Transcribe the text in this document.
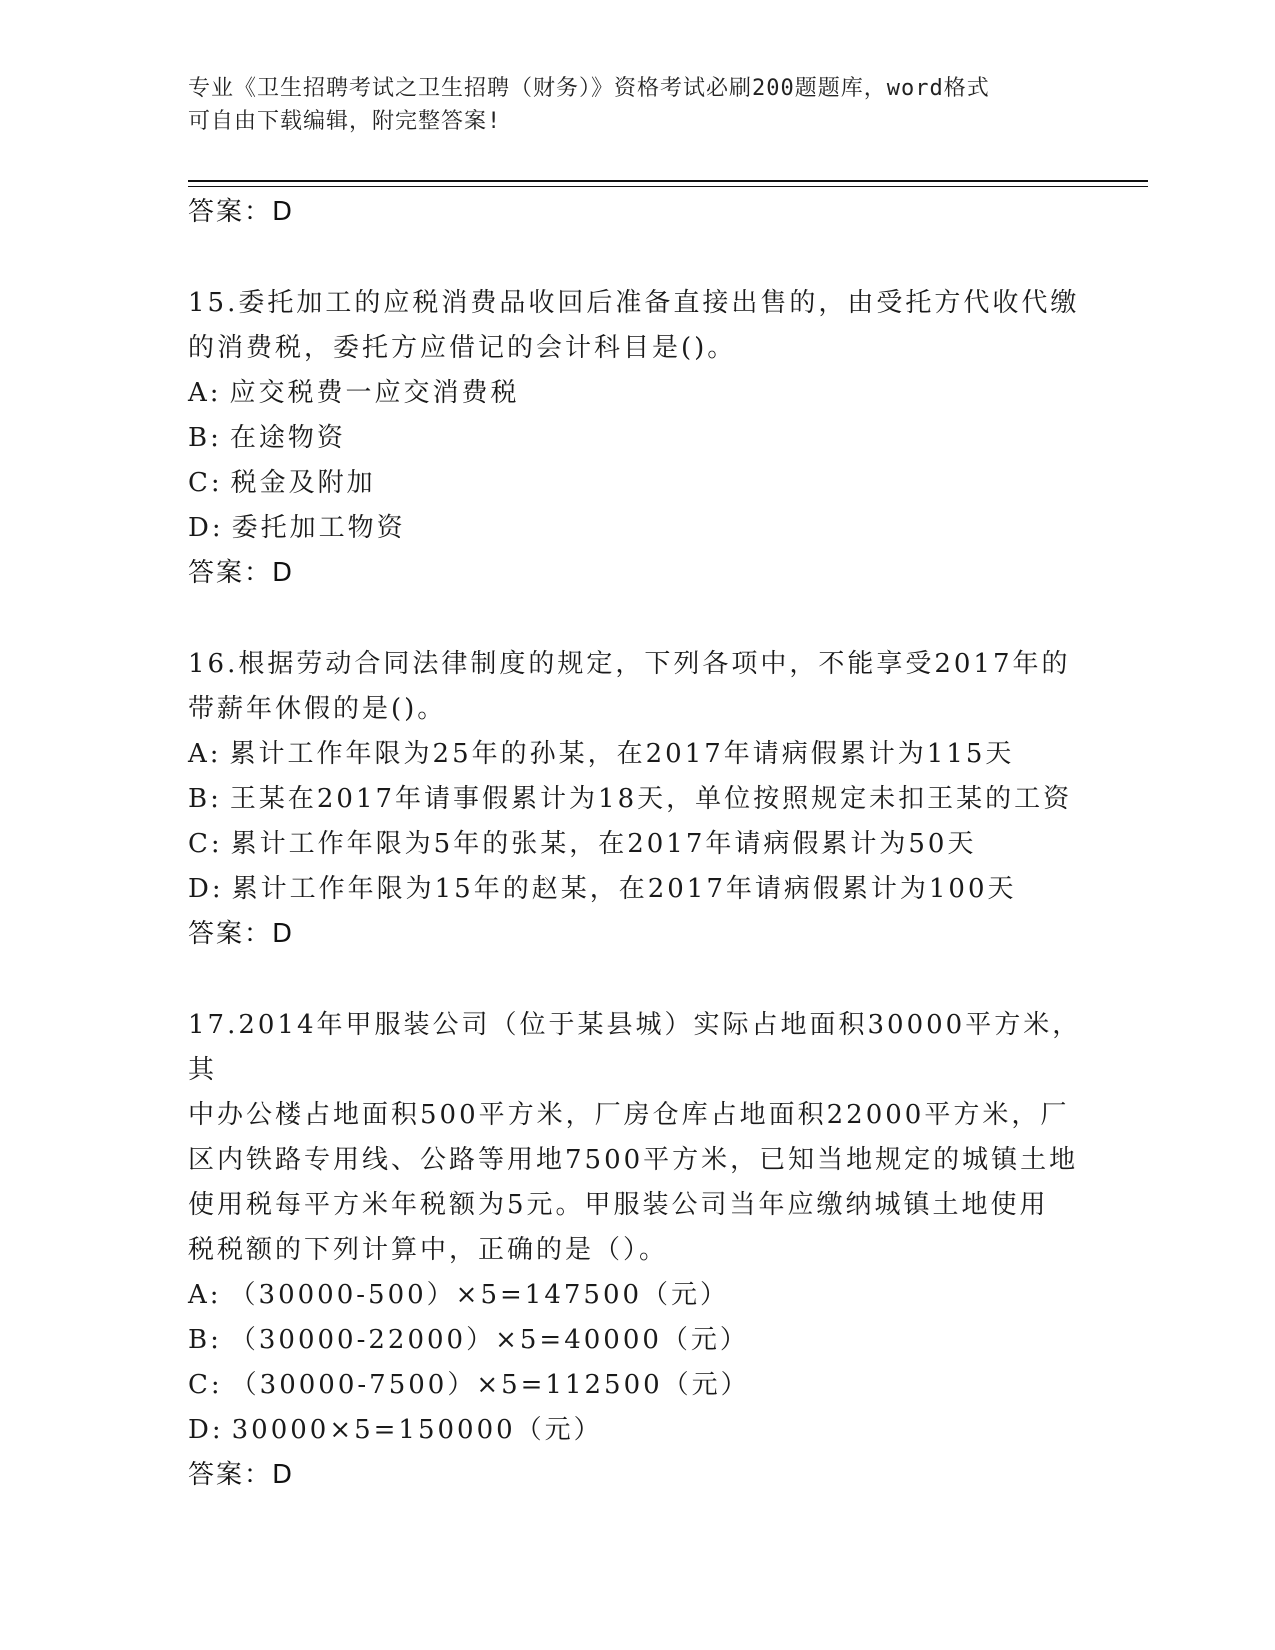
专业《卫生招聘考试之卫生招聘（财务）》资格考试必刷200题题库，word格式
可自由下载编辑，附完整答案!
答案：D
15.委托加工的应税消费品收回后准备直接出售的，由受托方代收代缴
的消费税，委托方应借记的会计科目是()。
A: 应交税费一应交消费税
B: 在途物资
C: 税金及附加
D: 委托加工物资
答案：D
16.根据劳动合同法律制度的规定，下列各项中，不能享受2017年的
带薪年休假的是()。
A: 累计工作年限为25年的孙某，在2017年请病假累计为115天
B: 王某在2017年请事假累计为18天，单位按照规定未扣王某的工资
C: 累计工作年限为5年的张某，在2017年请病假累计为50天
D: 累计工作年限为15年的赵某，在2017年请病假累计为100天
答案：D
17.2014年甲服装公司（位于某县城）实际占地面积30000平方米，其
中办公楼占地面积500平方米，厂房仓库占地面积22000平方米，厂
区内铁路专用线、公路等用地7500平方米，已知当地规定的城镇土地
使用税每平方米年税额为5元。甲服装公司当年应缴纳城镇土地使用
税税额的下列计算中，正确的是（）。
A: （30000-500）×5=147500（元）
B: （30000-22000）×5=40000（元）
C: （30000-7500）×5=112500（元）
D: 30000×5=150000（元）
答案：D
